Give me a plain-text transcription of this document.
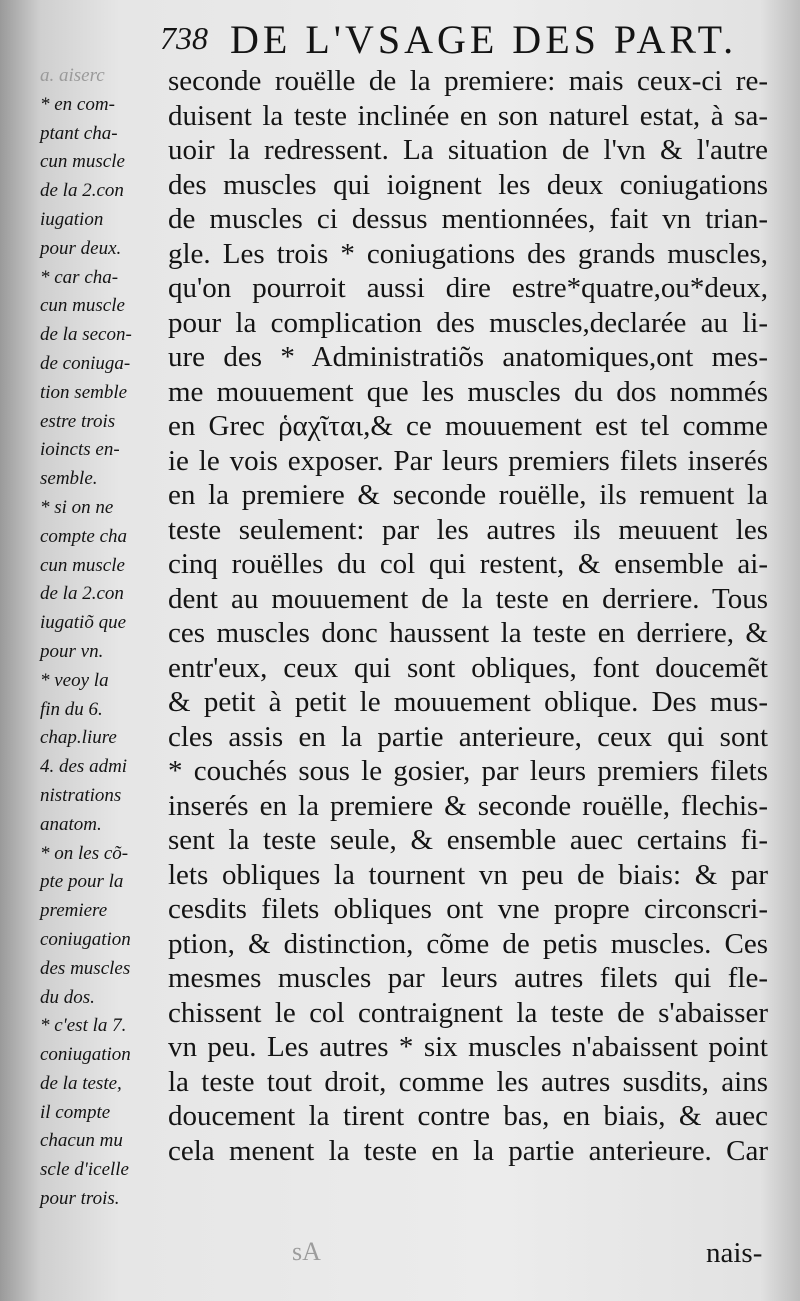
738 DE L'VSAGE DES PART.
a. aiserc
* en com-
ptant cha-
cun muscle
de la 2.con
iugation
pour deux.
* car cha-
cun muscle
de la secon-
de coniuga-
tion semble
estre trois
ioincts en-
semble.
* si on ne
compte cha
cun muscle
de la 2.con
iugatiõ que
pour vn.
* veoy la
fin du 6.
chap.liure
4. des admi
nistrations
anatom.
* on les cõ-
pte pour la
premiere
coniugation
des muscles
du dos.
* c'est la 7.
coniugation
de la teste,
il compte
chacun mu
scle d'icelle
pour trois.
seconde rouëlle de la premiere: mais ceux-ci re-
duisent la teste inclinée en son naturel estat, à sa-
uoir la redressent. La situation de l'vn & l'autre
des muscles qui ioignent les deux coniugations
de muscles ci dessus mentionnées, fait vn trian-
gle. Les trois * coniugations des grands muscles,
qu'on pourroit aussi dire estre*quatre,ou*deux,
pour la complication des muscles,declarée au li-
ure des * Administratiõs anatomiques,ont mes-
me mouuement que les muscles du dos nommés
en Grec ῥαχῖται,& ce mouuement est tel comme
ie le vois exposer. Par leurs premiers filets inserés
en la premiere & seconde rouëlle, ils remuent la
teste seulement: par les autres ils meuuent les
cinq rouëlles du col qui restent, & ensemble ai-
dent au mouuement de la teste en derriere. Tous
ces muscles donc haussent la teste en derriere, &
entr'eux, ceux qui sont obliques, font doucemẽt
& petit à petit le mouuement oblique. Des mus-
cles assis en la partie anterieure, ceux qui sont
* couchés sous le gosier, par leurs premiers filets
inserés en la premiere & seconde rouëlle, flechis-
sent la teste seule, & ensemble auec certains fi-
lets obliques la tournent vn peu de biais: & par
cesdits filets obliques ont vne propre circonscri-
ption, & distinction, cõme de petis muscles. Ces
mesmes muscles par leurs autres filets qui fle-
chissent le col contraignent la teste de s'abaisser
vn peu. Les autres * six muscles n'abaissent point
la teste tout droit, comme les autres susdits, ains
doucement la tirent contre bas, en biais, & auec
cela menent la teste en la partie anterieure. Car
sA	nais-
